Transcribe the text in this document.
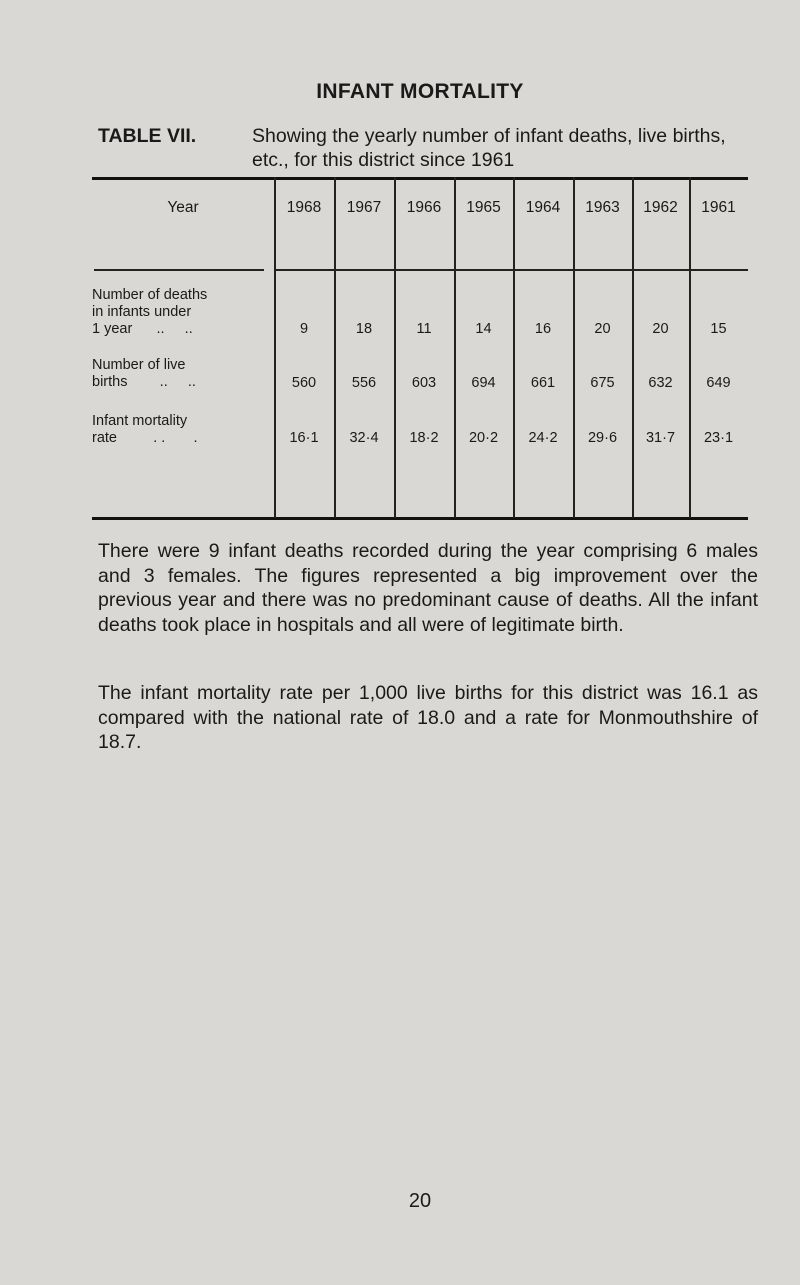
INFANT MORTALITY
TABLE VII.	Showing the yearly number of infant deaths, live births, etc., for this district since 1961
Year	1968	1967	1966	1965	1964	1963	1962	1961
Number of deaths
in infants under
1 year      ..     ..	9	18	11	14	16	20	20	15
Number of live
births        ..     ..	560	556	603	694	661	675	632	649
Infant mortality
rate         . .       .	16·1	32·4	18·2	20·2	24·2	29·6	31·7	23·1

There were 9 infant deaths recorded during the year comprising 6 males and 3 females. The figures represented a big improvement over the previous year and there was no predominant cause of deaths. All the infant deaths took place in hospitals and all were of legitimate birth.

The infant mortality rate per 1,000 live births for this district was 16.1 as compared with the national rate of 18.0 and a rate for Monmouthshire of 18.7.

20
